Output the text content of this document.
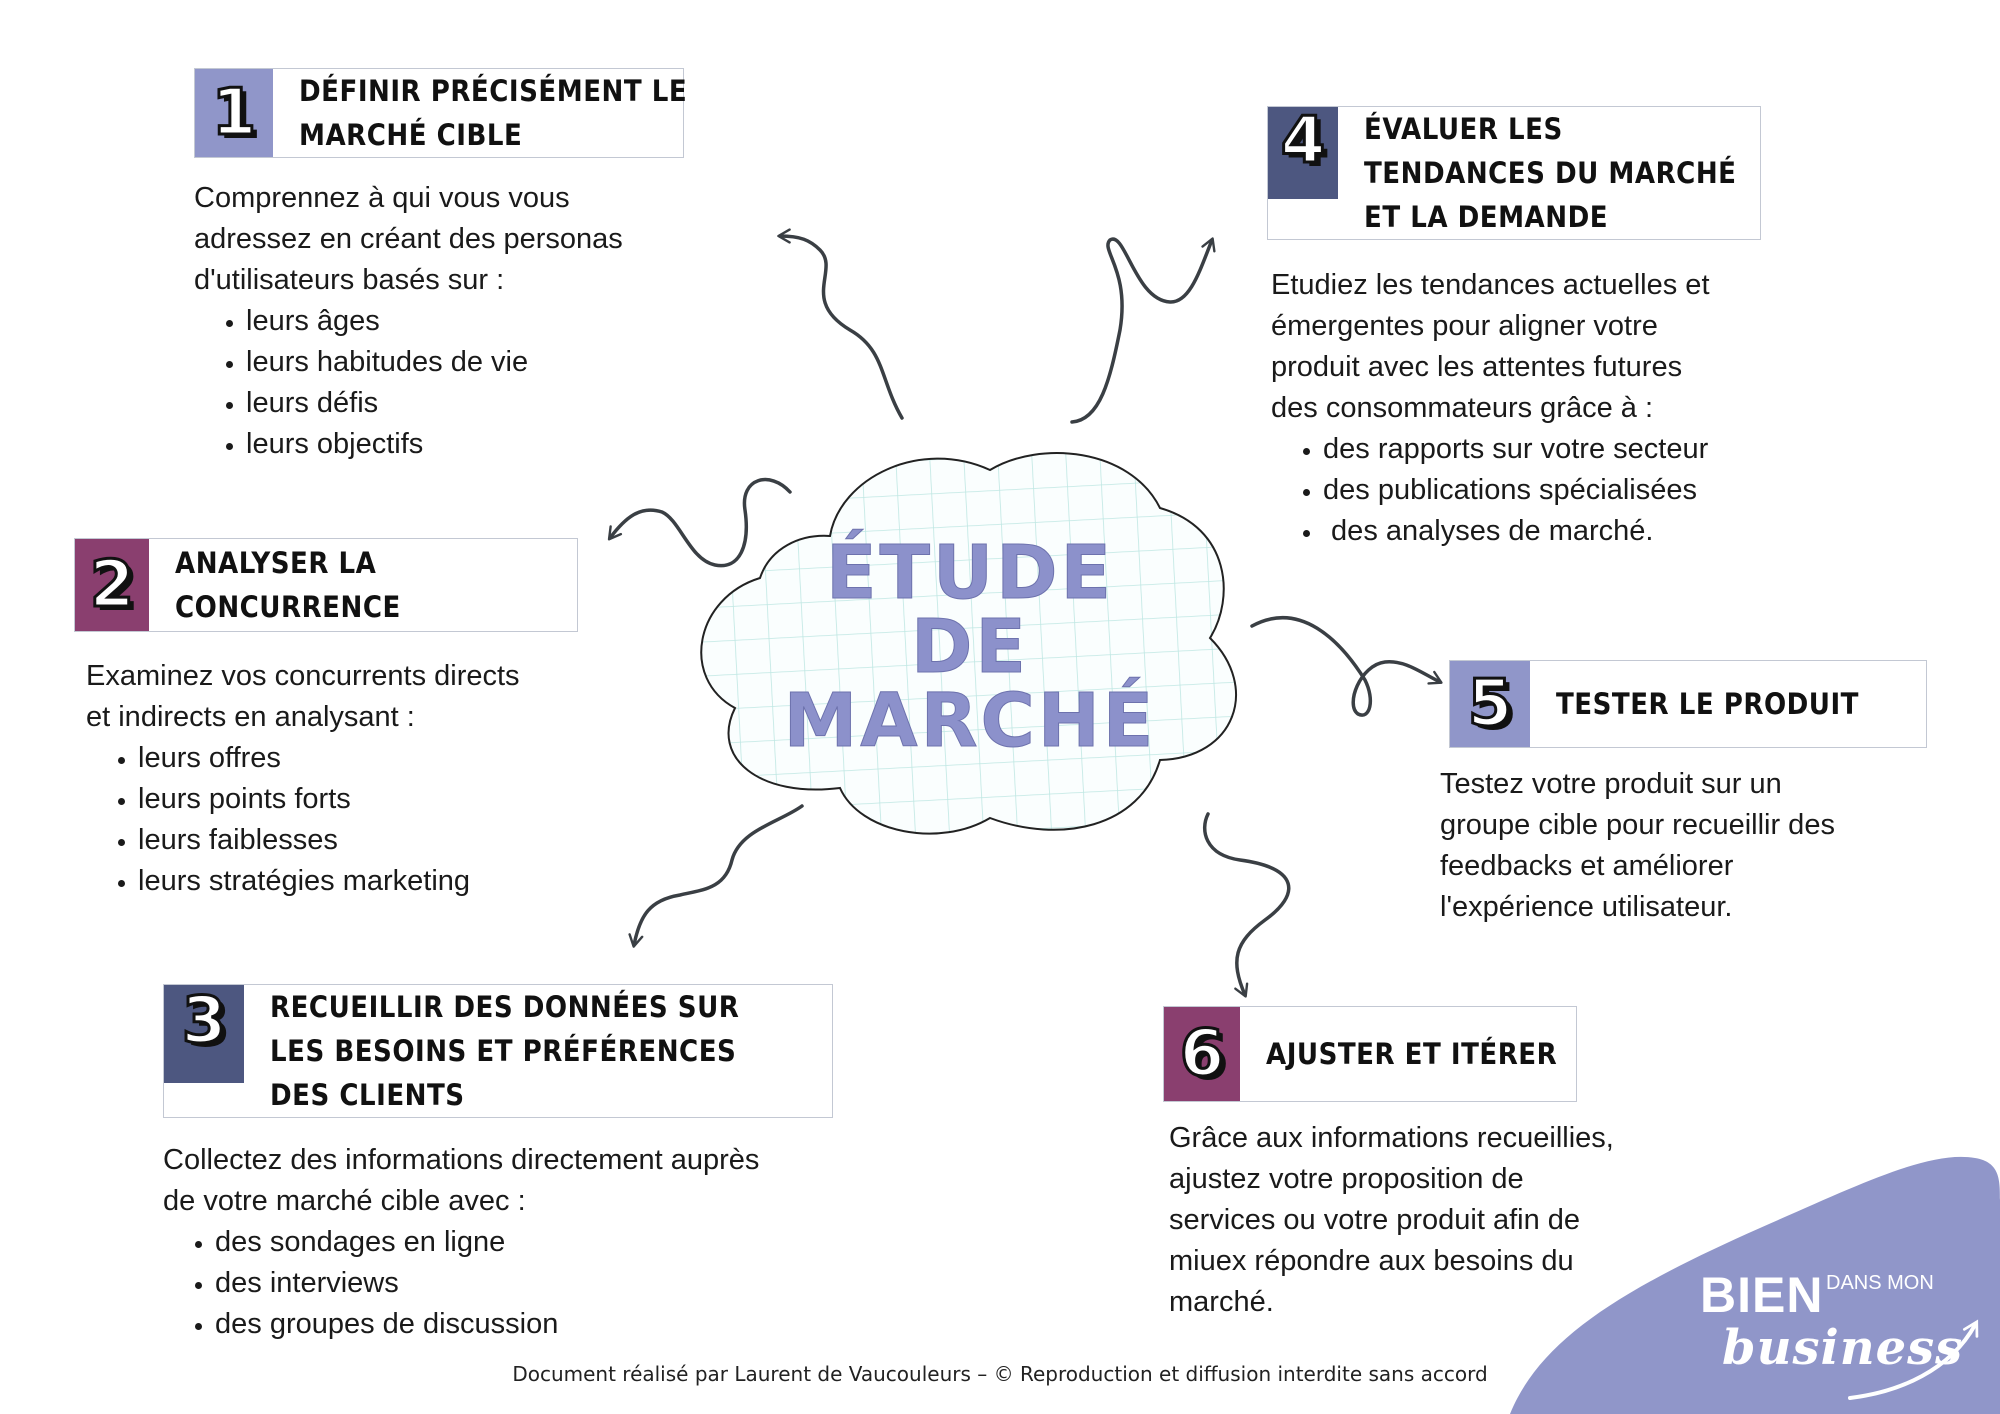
ÉTUDE
DE
MARCHÉ
1 DÉFINIR PRÉCISÉMENT LE
MARCHÉ CIBLE

Comprennez à qui vous vous

adressez en créant des personas

d'utilisateurs basés sur :

• leurs âges
• leurs habitudes de vie
• leurs défis
• leurs objectifs
2 ANALYSER LA
CONCURRENCE

Examinez vos concurrents directs

et indirects en analysant :

• leurs offres
• leurs points forts
• leurs faiblesses
• leurs stratégies marketing
3 RECUEILLIR DES DONNÉES SUR
LES BESOINS ET PRÉFÉRENCES
DES CLIENTS

Collectez des informations directement auprès

de votre marché cible avec :

• des sondages en ligne
• des interviews
• des groupes de discussion
4 ÉVALUER LES
TENDANCES DU MARCHÉ
ET LA DEMANDE

Etudiez les tendances actuelles et

émergentes pour aligner votre

produit avec les attentes futures

des consommateurs grâce à :

• des rapports sur votre secteur
• des publications spécialisées
•  des analyses de marché.
5 TESTER LE PRODUIT

Testez votre produit sur un

groupe cible pour recueillir des

feedbacks et améliorer

l'expérience utilisateur.

6 AJUSTER ET ITÉRER

Grâce aux informations recueillies,

ajustez votre proposition de

services ou votre produit afin de

miuex répondre aux besoins du

marché.

Document réalisé par Laurent de Vaucouleurs – © Reproduction et diffusion interdite sans accord
BIEN DANS MON
business
